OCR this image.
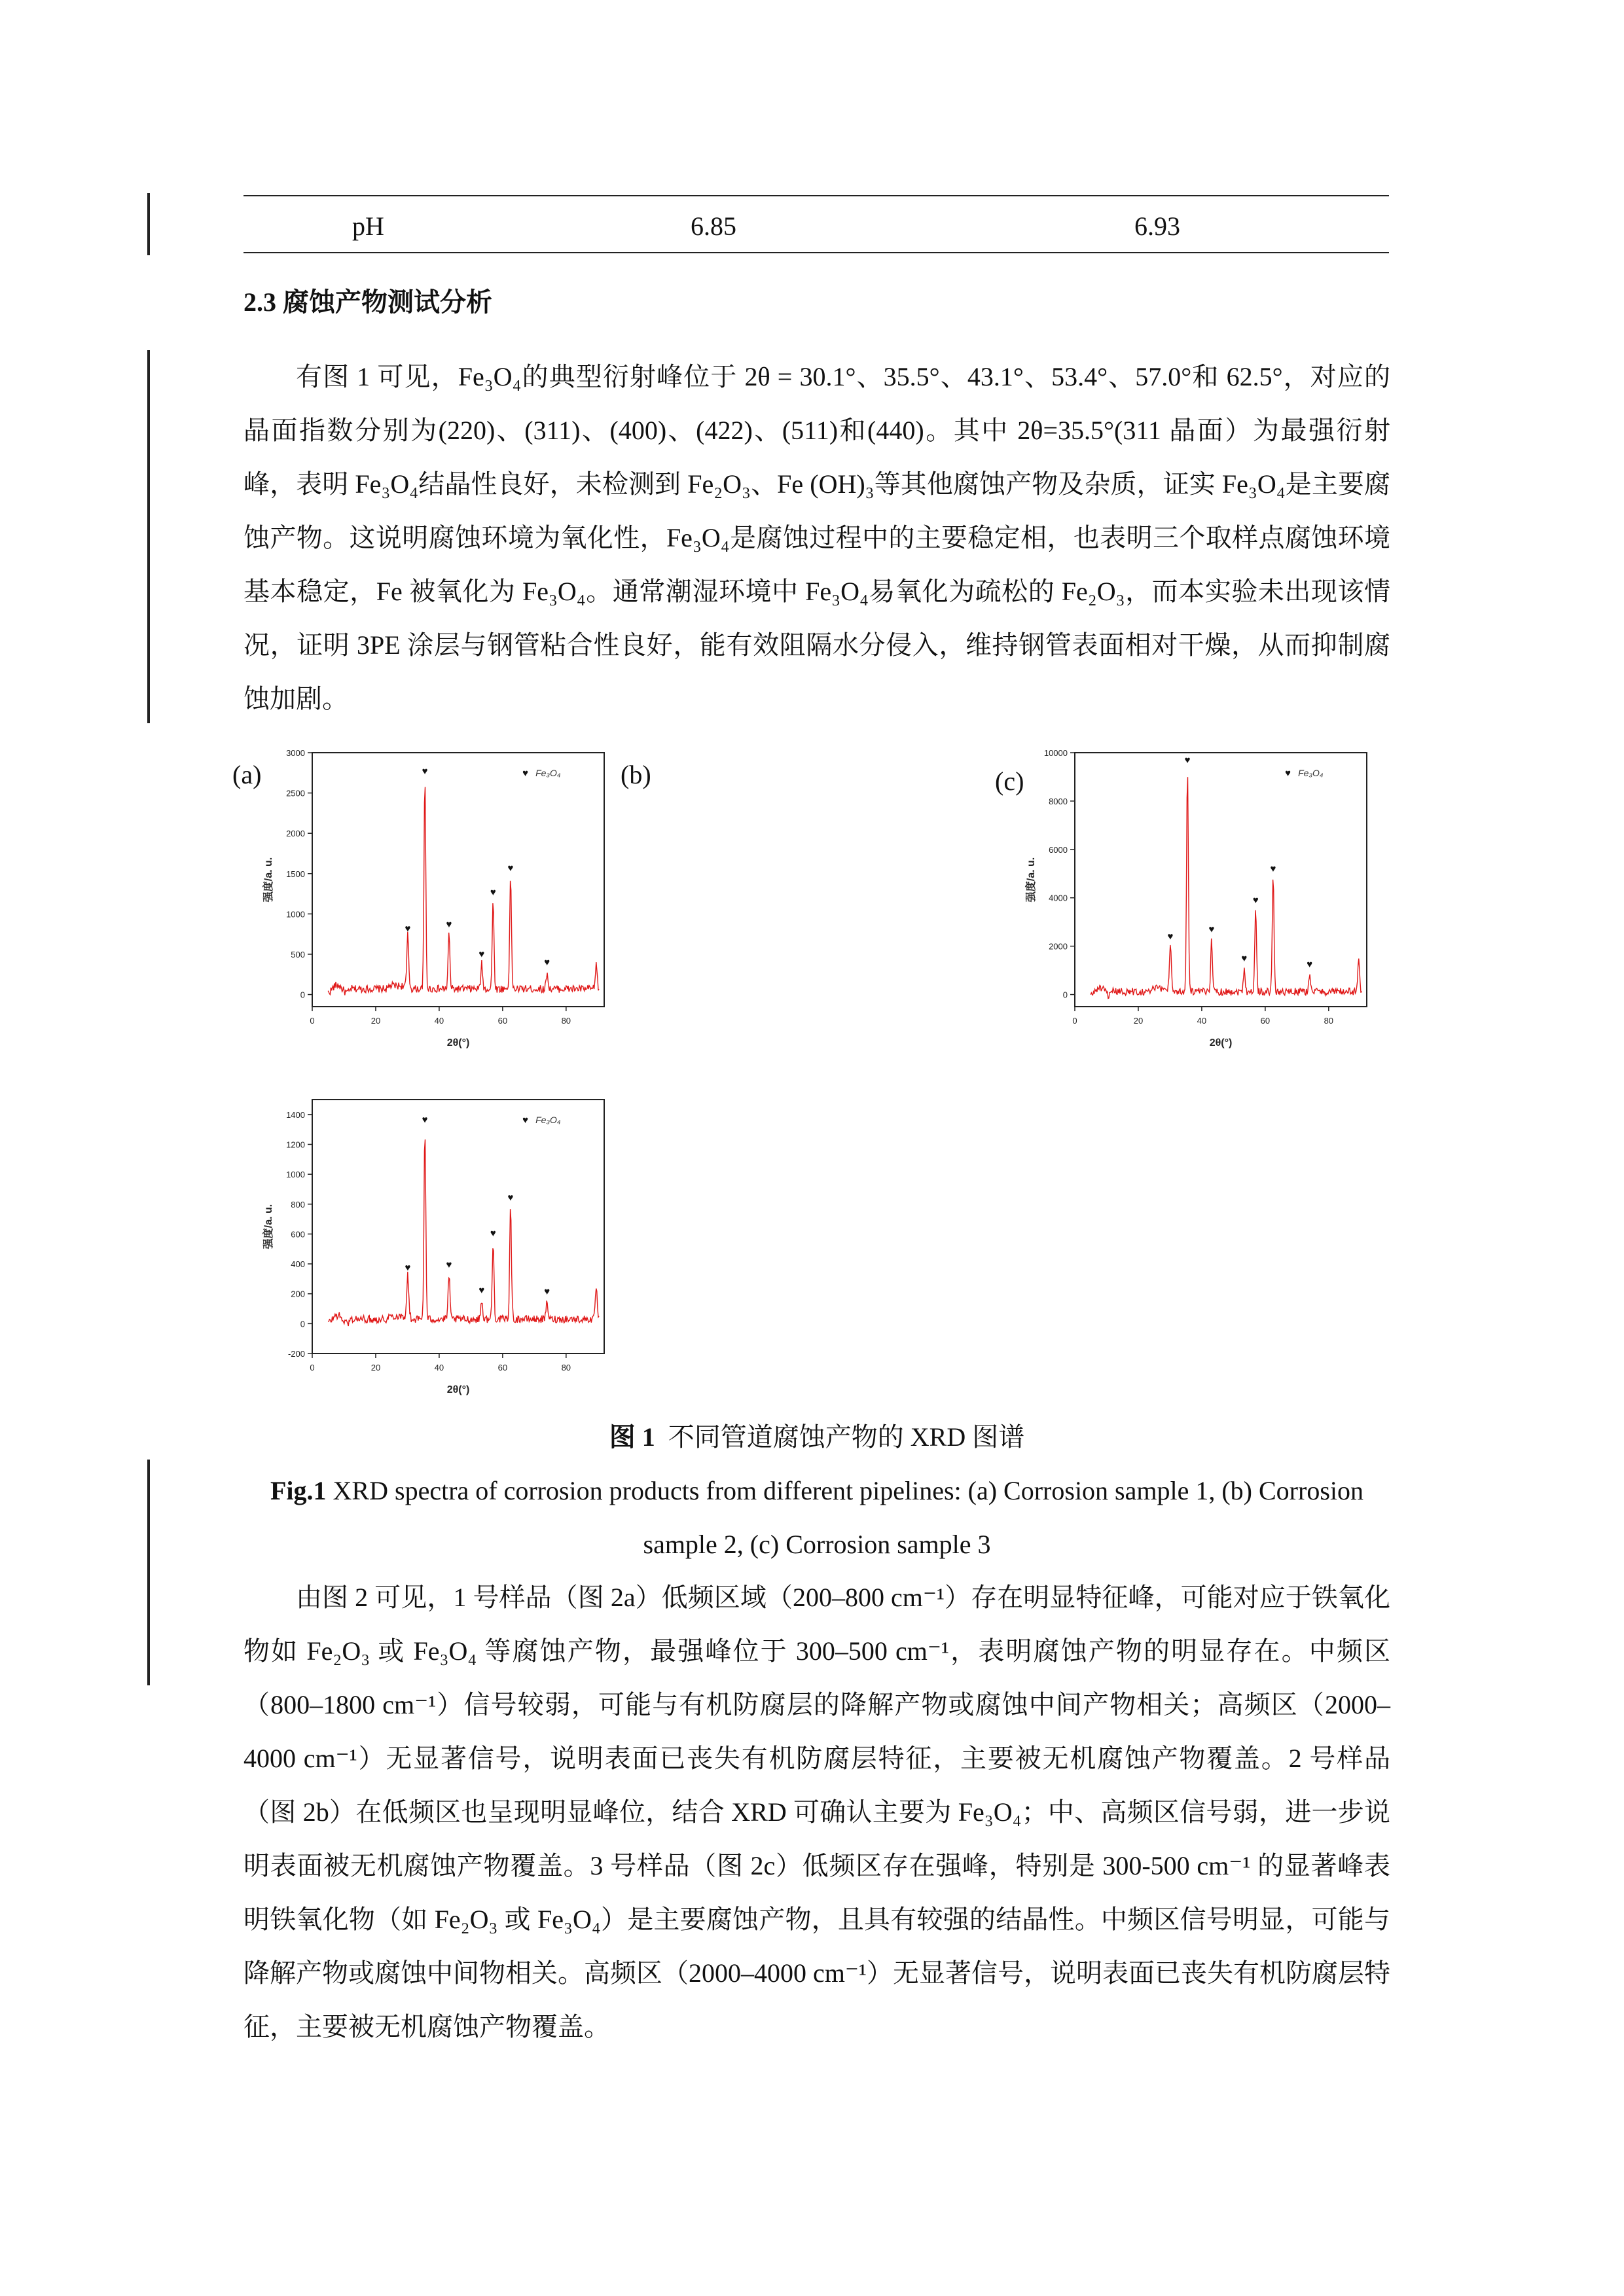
pH	6.85	6.93
2.3 腐蚀产物测试分析

有图 1 可见，Fe₃O₄的典型衍射峰位于 2θ = 30.1°、35.5°、43.1°、53.4°、57.0°和 62.5°，对应的晶面指数分别为(220)、(311)、(400)、(422)、(511)和(440)。其中 2θ=35.5°(311 晶面）为最强衍射峰，表明 Fe₃O₄结晶性良好，未检测到 Fe₂O₃、Fe (OH)₃等其他腐蚀产物及杂质，证实 Fe₃O₄是主要腐蚀产物。这说明腐蚀环境为氧化性，Fe₃O₄是腐蚀过程中的主要稳定相，也表明三个取样点腐蚀环境基本稳定，Fe 被氧化为 Fe₃O₄。通常潮湿环境中 Fe₃O₄易氧化为疏松的 Fe₂O₃，而本实验未出现该情况，证明 3PE 涂层与钢管粘合性良好，能有效阻隔水分侵入，维持钢管表面相对干燥，从而抑制腐蚀加剧。

(a)	(b)	(c)
0
500
1000
1500
2000
2500
3000
0	20	40	60	80
2θ(°)
强度/a. u.
♥
♥
♥
♥
♥
♥
♥
♥ Fe₃O₄
0
2000
4000
6000
8000
10000
0	20	40	60	80
2θ(°)
强度/a. u.
♥
♥
♥
♥
♥
♥
♥
♥ Fe₃O₄
-200
0
200
400
600
800
1000
1200
1400
0	20	40	60	80
2θ(°)
强度/a. u.
♥
♥
♥
♥
♥
♥
♥
♥ Fe₃O₄
图 1 不同管道腐蚀产物的 XRD 图谱
Fig.1 XRD spectra of corrosion products from different pipelines: (a) Corrosion sample 1, (b) Corrosion sample 2, (c) Corrosion sample 3

由图 2 可见，1 号样品（图 2a）低频区域（200–800 cm⁻¹）存在明显特征峰，可能对应于铁氧化物如 Fe₂O₃ 或 Fe₃O₄ 等腐蚀产物，最强峰位于 300–500 cm⁻¹，表明腐蚀产物的明显存在。中频区（800–1800 cm⁻¹）信号较弱，可能与有机防腐层的降解产物或腐蚀中间产物相关；高频区（2000–4000 cm⁻¹）无显著信号，说明表面已丧失有机防腐层特征，主要被无机腐蚀产物覆盖。2 号样品（图 2b）在低频区也呈现明显峰位，结合 XRD 可确认主要为 Fe₃O₄；中、高频区信号弱，进一步说明表面被无机腐蚀产物覆盖。3 号样品（图 2c）低频区存在强峰，特别是 300-500 cm⁻¹ 的显著峰表明铁氧化物（如 Fe₂O₃ 或 Fe₃O₄）是主要腐蚀产物，且具有较强的结晶性。中频区信号明显，可能与降解产物或腐蚀中间物相关。高频区（2000–4000 cm⁻¹）无显著信号，说明表面已丧失有机防腐层特征，主要被无机腐蚀产物覆盖。
